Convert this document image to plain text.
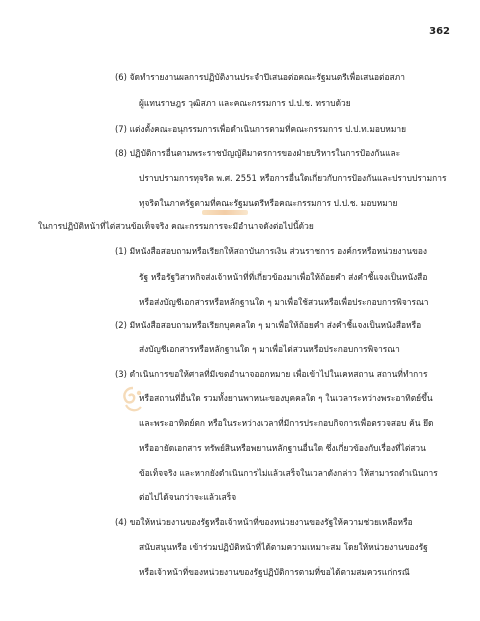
362
(6) จัดทำรายงานผลการปฏิบัติงานประจำปีเสนอต่อคณะรัฐมนตรีเพื่อเสนอต่อสภา
ผู้แทนราษฎร วุฒิสภา และคณะกรรมการ ป.ป.ช. ทราบด้วย
(7) แต่งตั้งคณะอนุกรรมการเพื่อดำเนินการตามที่คณะกรรมการ ป.ป.ท.มอบหมาย
(8) ปฏิบัติการอื่นตามพระราชบัญญัติมาตรการของฝ่ายบริหารในการป้องกันและ
ปราบปรามการทุจริต พ.ศ. 2551 หรือการอื่นใดเกี่ยวกับการป้องกันและปราบปรามการ
ทุจริตในภาครัฐตามที่คณะรัฐมนตรีหรือคณะกรรมการ ป.ป.ช. มอบหมาย
ในการปฏิบัติหน้าที่ไต่สวนข้อเท็จจริง คณะกรรมการจะมีอำนาจดังต่อไปนี้ด้วย
(1) มีหนังสือสอบถามหรือเรียกให้สถาบันการเงิน ส่วนราชการ องค์กรหรือหน่วยงานของ
รัฐ หรือรัฐวิสาหกิจส่งเจ้าหน้าที่ที่เกี่ยวข้องมาเพื่อให้ถ้อยคำ ส่งคำชี้แจงเป็นหนังสือ
หรือส่งบัญชีเอกสารหรือหลักฐานใด ๆ มาเพื่อใช้สวนหรือเพื่อประกอบการพิจารณา
(2) มีหนังสือสอบถามหรือเรียกบุคคลใด ๆ มาเพื่อให้ถ้อยคำ ส่งคำชี้แจงเป็นหนังสือหรือ
ส่งบัญชีเอกสารหรือหลักฐานใด ๆ มาเพื่อไต่สวนหรือประกอบการพิจารณา
(3) ดำเนินการขอให้ศาลที่มีเขตอำนาจออกหมาย เพื่อเข้าไปในเคหสถาน สถานที่ทำการ
หรือสถานที่อื่นใด รวมทั้งยานพาหนะของบุคคลใด ๆ ในเวลาระหว่างพระอาทิตย์ขึ้น
และพระอาทิตย์ตก หรือในระหว่างเวลาที่มีการประกอบกิจการเพื่อตรวจสอบ ค้น ยึด
หรืออายัดเอกสาร ทรัพย์สินหรือพยานหลักฐานอื่นใด ซึ่งเกี่ยวข้องกับเรื่องที่ไต่สวน
ข้อเท็จจริง และหากยังดำเนินการไม่แล้วเสร็จในเวลาดังกล่าว ให้สามารถดำเนินการ
ต่อไปได้จนกว่าจะแล้วเสร็จ
(4) ขอให้หน่วยงานของรัฐหรือเจ้าหน้าที่ของหน่วยงานของรัฐให้ความช่วยเหลือหรือ
สนับสนุนหรือ เข้าร่วมปฏิบัติหน้าที่ได้ตามความเหมาะสม โดยให้หน่วยงานของรัฐ
หรือเจ้าหน้าที่ของหน่วยงานของรัฐปฏิบัติการตามที่ขอได้ตามสมควรแก่กรณี
